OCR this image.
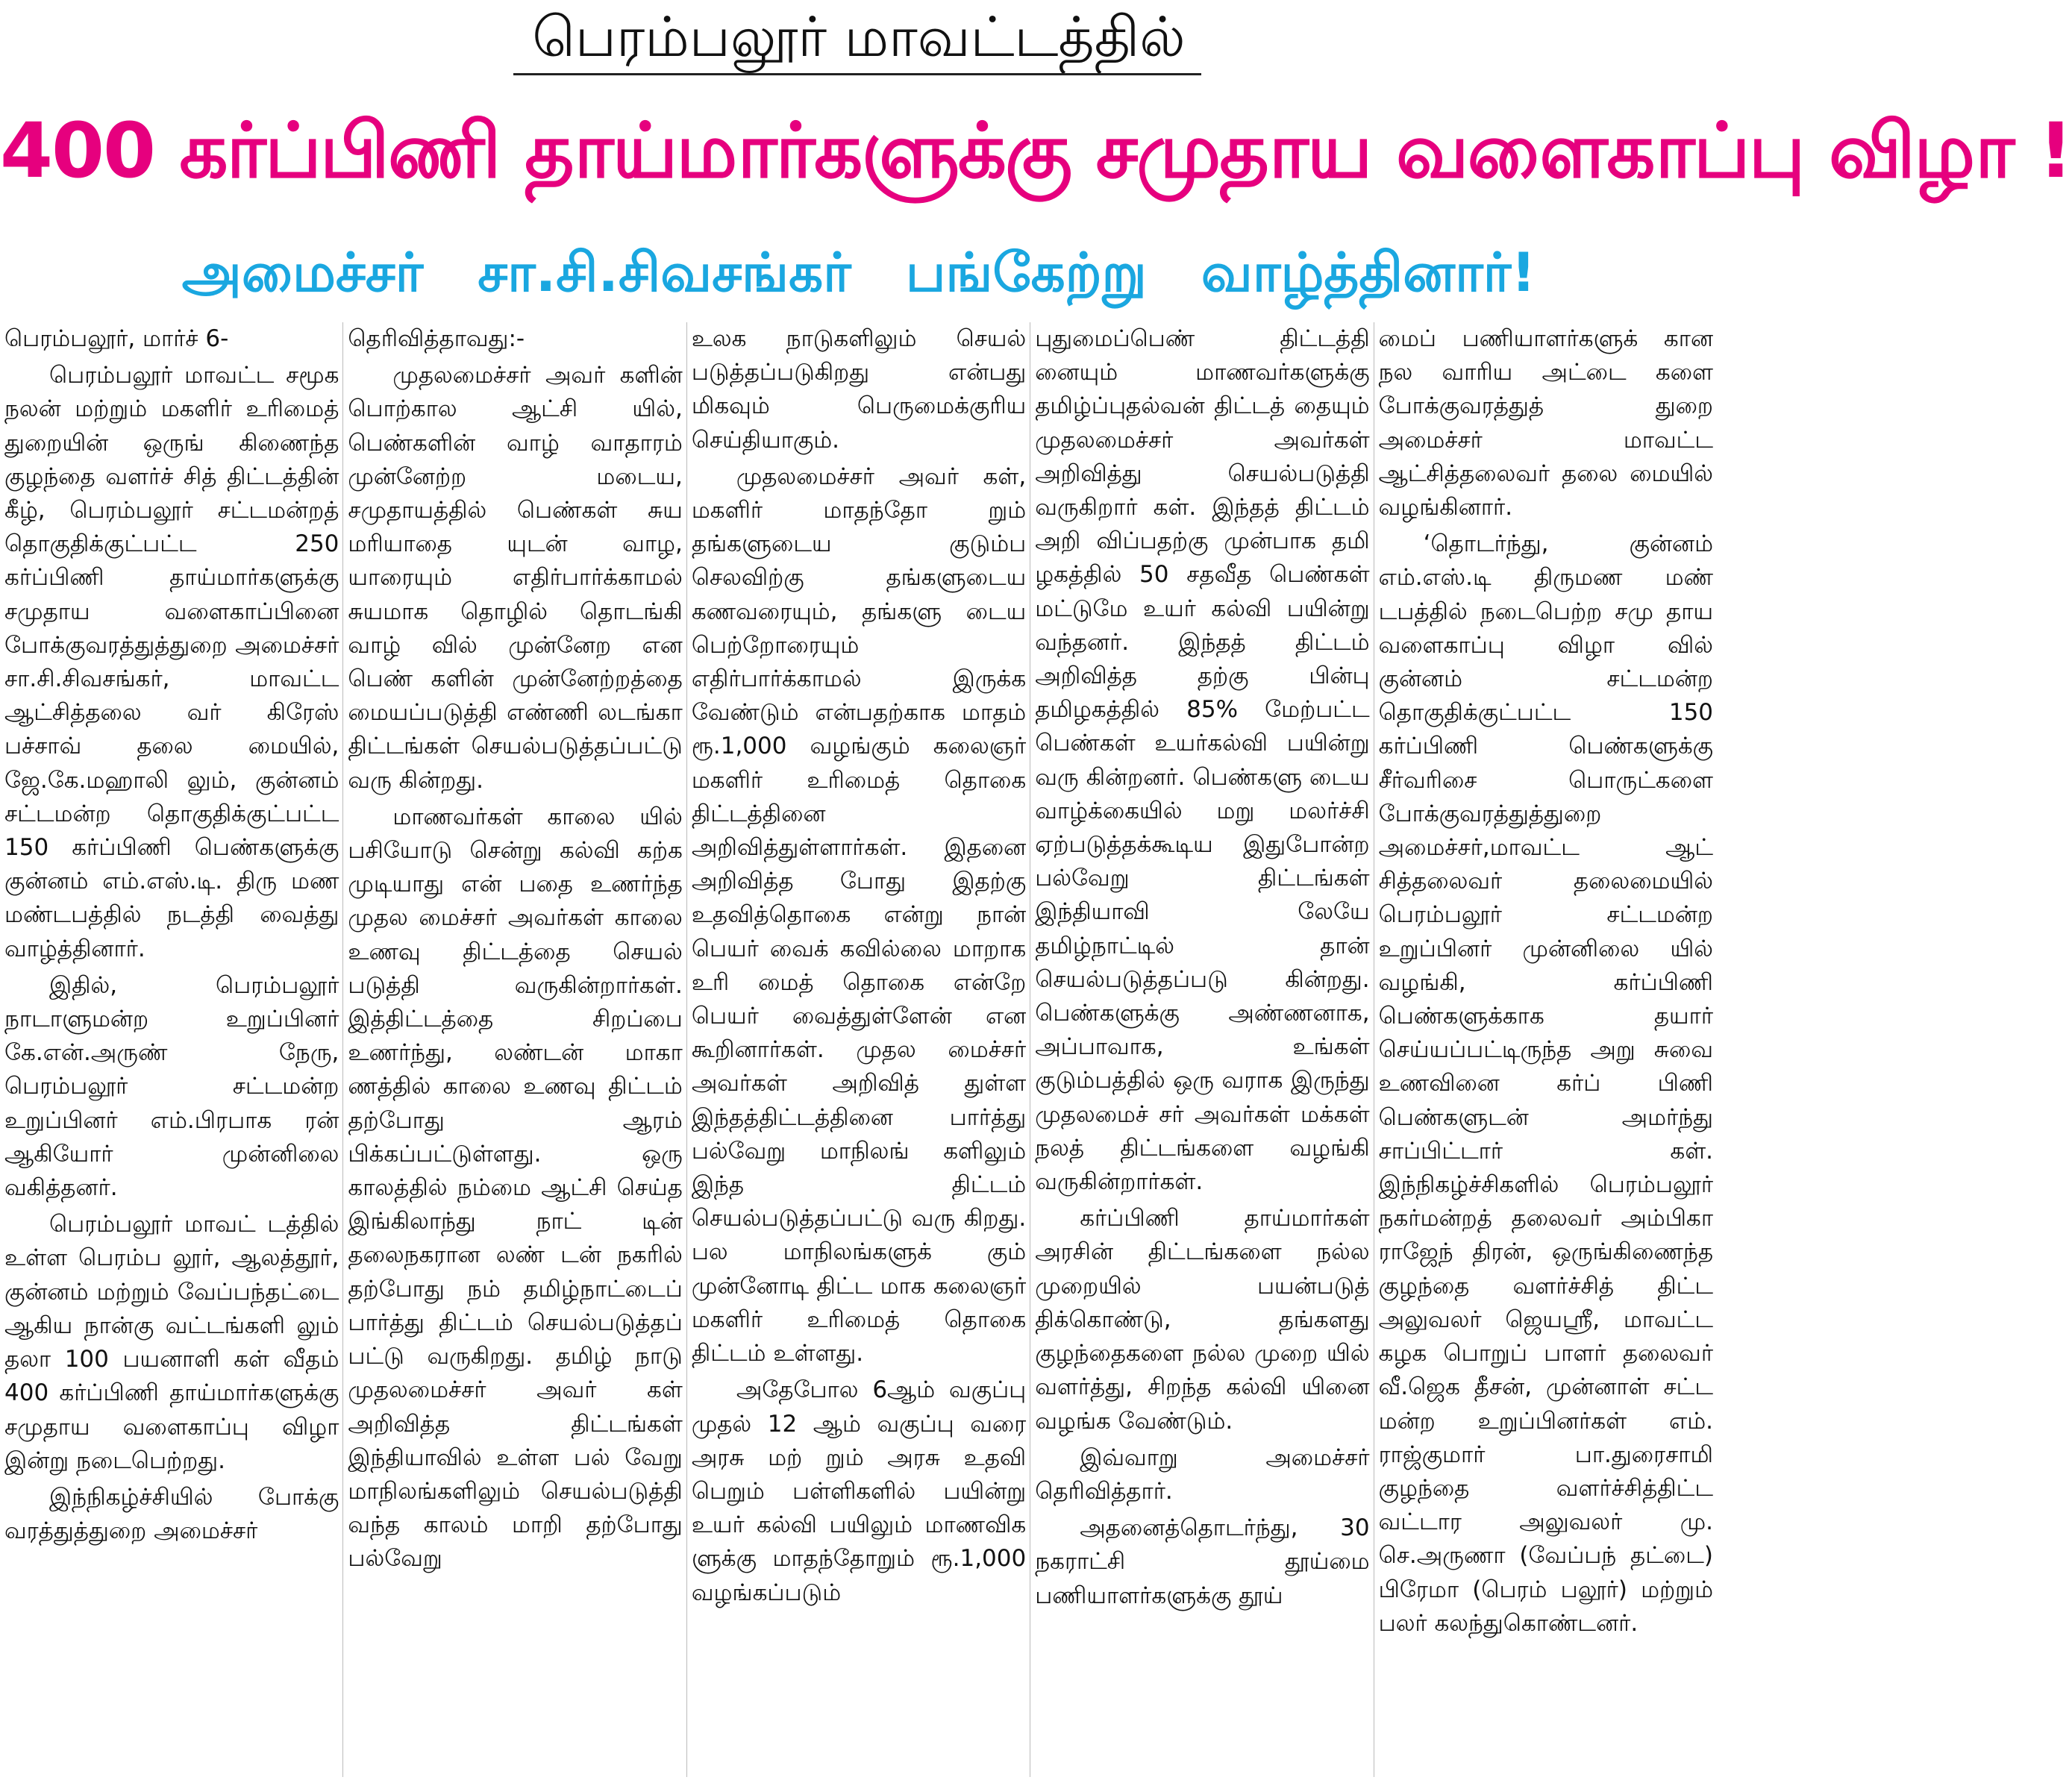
பெரம்பலூர் மாவட்டத்தில்
400 கர்ப்பிணி தாய்மார்களுக்கு சமுதாய வளைகாப்பு விழா !
அமைச்சர் சா.சி.சிவசங்கர் பங்கேற்று வாழ்த்தினார்!

பெரம்பலூர், மார்ச் 6-

பெரம்பலூர் மாவட்ட சமூக நலன் மற்றும் மகளிர் உரிமைத் துறையின் ஒருங் கிணைந்த குழந்தை வளர்ச் சித் திட்டத்தின் கீழ், பெரம்பலூர் சட்டமன்றத் தொகுதிக்குட்பட்ட 250 கர்ப்பிணி தாய்மார்களுக்கு சமுதாய வளைகாப்பினை போக்குவரத்துத்துறை அமைச்சர் சா.சி.சிவசங்கர், மாவட்ட ஆட்சித்தலை வர் கிரேஸ் பச்சாவ் தலை மையில், ஜே.கே.மஹாலி லும், குன்னம் சட்டமன்ற தொகுதிக்குட்பட்ட 150 கர்ப்பிணி பெண்களுக்கு குன்னம் எம்.எஸ்.டி. திரு மண மண்டபத்தில் நடத்தி வைத்து வாழ்த்தினார்.

இதில், பெரம்பலூர் நாடாளுமன்ற உறுப்பினர் கே.என்.அருண் நேரு, பெரம்பலூர் சட்டமன்ற உறுப்பினர் எம்.பிரபாக ரன் ஆகியோர் முன்னிலை வகித்தனர்.

பெரம்பலூர் மாவட் டத்தில் உள்ள பெரம்ப லூர், ஆலத்தூர், குன்னம் மற்றும் வேப்பந்தட்டை ஆகிய நான்கு வட்டங்களி லும் தலா 100 பயனாளி கள் வீதம் 400 கர்ப்பிணி தாய்மார்களுக்கு சமுதாய வளைகாப்பு விழா இன்று நடைபெற்றது.

இந்நிகழ்ச்சியில் போக்கு வரத்துத்துறை அமைச்சர்

தெரிவித்தாவது:-

முதலமைச்சர் அவர் களின் பொற்கால ஆட்சி யில், பெண்களின் வாழ் வாதாரம் முன்னேற்ற மடைய, சமுதாயத்தில் பெண்கள் சுய மரியாதை யுடன் வாழ, யாரையும் எதிர்பார்க்காமல் சுயமாக தொழில் தொடங்கி வாழ் வில் முன்னேற என பெண் களின் முன்னேற்றத்தை மையப்படுத்தி எண்ணி லடங்கா திட்டங்கள் செயல்படுத்தப்பட்டு வரு கின்றது.

மாணவர்கள் காலை யில் பசியோடு சென்று கல்வி கற்க முடியாது என் பதை உணர்ந்த முதல மைச்சர் அவர்கள் காலை உணவு திட்டத்தை செயல் படுத்தி வருகின்றார்கள். இத்திட்டத்தை சிறப்பை உணர்ந்து, லண்டன் மாகா ணத்தில் காலை உணவு திட்டம் தற்போது ஆரம் பிக்கப்பட்டுள்ளது. ஒரு காலத்தில் நம்மை ஆட்சி செய்த இங்கிலாந்து நாட் டின் தலைநகரான லண் டன் நகரில் தற்போது நம் தமிழ்நாட்டைப் பார்த்து திட்டம் செயல்படுத்தப் பட்டு வருகிறது. தமிழ் நாடு முதலமைச்சர் அவர் கள் அறிவித்த திட்டங்கள் இந்தியாவில் உள்ள பல் வேறு மாநிலங்களிலும் செயல்படுத்தி வந்த காலம் மாறி தற்போது பல்வேறு

உலக நாடுகளிலும் செயல் படுத்தப்படுகிறது என்பது மிகவும் பெருமைக்குரிய செய்தியாகும்.

முதலமைச்சர் அவர் கள், மகளிர் மாதந்தோ றும் தங்களுடைய குடும்ப செலவிற்கு தங்களுடைய கணவரையும், தங்களு டைய பெற்றோரையும் எதிர்பார்க்காமல் இருக்க வேண்டும் என்பதற்காக மாதம் ரூ.1,000 வழங்கும் கலைஞர் மகளிர் உரிமைத் தொகை திட்டத்தினை அறிவித்துள்ளார்கள். இதனை அறிவித்த போது இதற்கு உதவித்தொகை என்று நான் பெயர் வைக் கவில்லை மாறாக உரி மைத் தொகை என்றே பெயர் வைத்துள்ளேன் என கூறினார்கள். முதல மைச்சர் அவர்கள் அறிவித் துள்ள இந்தத்திட்டத்தினை பார்த்து பல்வேறு மாநிலங் களிலும் இந்த திட்டம் செயல்படுத்தப்பட்டு வரு கிறது. பல மாநிலங்களுக் கும் முன்னோடி திட்ட மாக கலைஞர் மகளிர் உரிமைத் தொகை திட்டம் உள்ளது.

அதேபோல 6ஆம் வகுப்பு முதல் 12 ஆம் வகுப்பு வரை அரசு மற் றும் அரசு உதவி பெறும் பள்ளிகளில் பயின்று உயர் கல்வி பயிலும் மாணவிக ளுக்கு மாதந்தோறும் ரூ.1,000 வழங்கப்படும்

புதுமைப்பெண் திட்டத்தி னையும் மாணவர்களுக்கு தமிழ்ப்புதல்வன் திட்டத் தையும் முதலமைச்சர் அவர்கள் அறிவித்து செயல்படுத்தி வருகிறார் கள். இந்தத் திட்டம் அறி விப்பதற்கு முன்பாக தமி ழகத்தில் 50 சதவீத பெண்கள் மட்டுமே உயர் கல்வி பயின்று வந்தனர். இந்தத் திட்டம் அறிவித்த தற்கு பின்பு தமிழகத்தில் 85% மேற்பட்ட பெண்கள் உயர்கல்வி பயின்று வரு கின்றனர். பெண்களு டைய வாழ்க்கையில் மறு மலர்ச்சி ஏற்படுத்தக்கூடிய இதுபோன்ற பல்வேறு திட்டங்கள் இந்தியாவி லேயே தமிழ்நாட்டில் தான் செயல்படுத்தப்படு கின்றது. பெண்களுக்கு அண்ணனாக, அப்பாவாக, உங்கள் குடும்பத்தில் ஒரு வராக இருந்து முதலமைச் சர் அவர்கள் மக்கள் நலத் திட்டங்களை வழங்கி வருகின்றார்கள்.

கர்ப்பிணி தாய்மார்கள் அரசின் திட்டங்களை நல்ல முறையில் பயன்படுத் திக்கொண்டு, தங்களது குழந்தைகளை நல்ல முறை யில் வளர்த்து, சிறந்த கல்வி யினை வழங்க வேண்டும்.

இவ்வாறு அமைச்சர் தெரிவித்தார்.

அதனைத்தொடர்ந்து, 30 நகராட்சி தூய்மை பணியாளர்களுக்கு தூய்

மைப் பணியாளர்களுக் கான நல வாரிய அட்டை களை போக்குவரத்துத் துறை அமைச்சர் மாவட்ட ஆட்சித்தலைவர் தலை மையில் வழங்கினார்.

‘தொடர்ந்து, குன்னம் எம்.எஸ்.டி திருமண மண் டபத்தில் நடைபெற்ற சமு தாய வளைகாப்பு விழா வில் குன்னம் சட்டமன்ற தொகுதிக்குட்பட்ட 150 கர்ப்பிணி பெண்களுக்கு சீர்வரிசை பொருட்களை போக்குவரத்துத்துறை அமைச்சர்,மாவட்ட ஆட் சித்தலைவர் தலைமையில் பெரம்பலூர் சட்டமன்ற உறுப்பினர் முன்னிலை யில் வழங்கி, கர்ப்பிணி பெண்களுக்காக தயார் செய்யப்பட்டிருந்த அறு சுவை உணவினை கர்ப் பிணி பெண்களுடன் அமர்ந்து சாப்பிட்டார் கள். இந்நிகழ்ச்சிகளில் பெரம்பலூர் நகர்மன்றத் தலைவர் அம்பிகா ராஜேந் திரன், ஒருங்கிணைந்த குழந்தை வளர்ச்சித் திட்ட அலுவலர் ஜெயஸ்ரீ, மாவட்ட கழக பொறுப் பாளர் தலைவர் வீ.ஜெக தீசன், முன்னாள் சட்ட மன்ற உறுப்பினர்கள் எம். ராஜ்குமார் பா.துரைசாமி குழந்தை வளர்ச்சித்திட்ட வட்டார அலுவலர் மு. செ.அருணா (வேப்பந் தட்டை) பிரேமா (பெரம் பலூர்) மற்றும் பலர் கலந்துகொண்டனர்.
